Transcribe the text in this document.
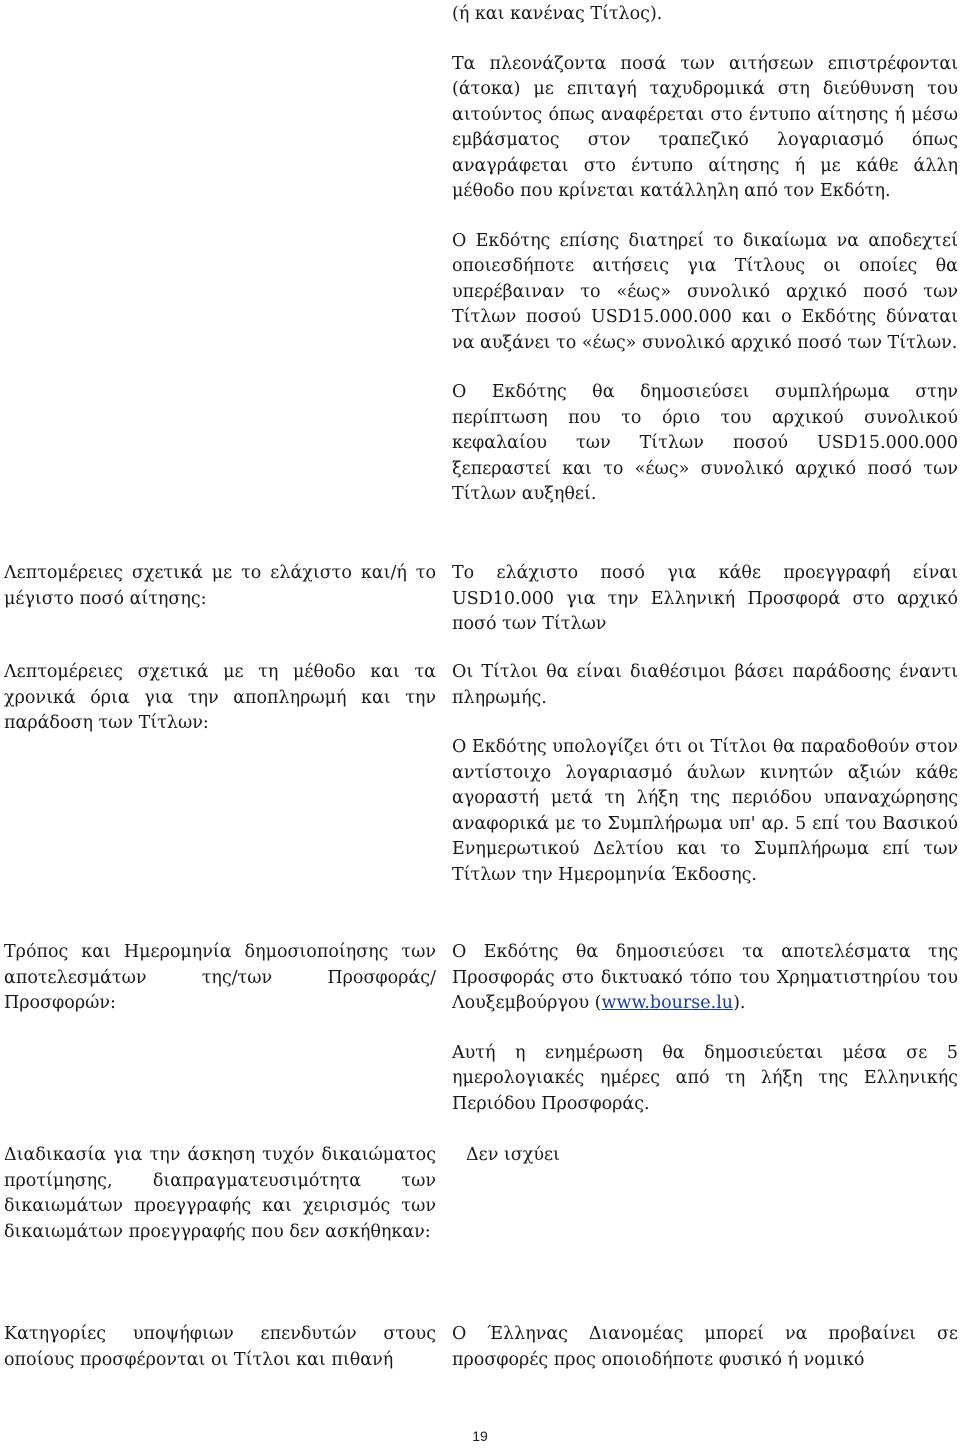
(ή και κανένας Τίτλος).

Τα πλεονάζοντα ποσά των αιτήσεων επιστρέφονται (άτοκα) με επιταγή ταχυδρομικά στη διεύθυνση του αιτούντος όπως αναφέρεται στο έντυπο αίτησης ή μέσω εμβάσματος στον τραπεζικό λογαριασμό όπως αναγράφεται στο έντυπο αίτησης ή με κάθε άλλη μέθοδο που κρίνεται κατάλληλη από τον Εκδότη.

Ο Εκδότης επίσης διατηρεί το δικαίωμα να αποδεχτεί οποιεσδήποτε αιτήσεις για Τίτλους οι οποίες θα υπερέβαιναν το «έως» συνολικό αρχικό ποσό των Τίτλων ποσού USD15.000.000 και ο Εκδότης δύναται να αυξάνει το «έως» συνολικό αρχικό ποσό των Τίτλων.

Ο Εκδότης θα δημοσιεύσει συμπλήρωμα στην περίπτωση που το όριο του αρχικού συνολικού κεφαλαίου των Τίτλων ποσού USD15.000.000 ξεπεραστεί και το «έως» συνολικό αρχικό ποσό των Τίτλων αυξηθεί.

Λεπτομέρειες σχετικά με το ελάχιστο και/ή το μέγιστο ποσό αίτησης:

Το ελάχιστο ποσό για κάθε προεγγραφή είναι USD10.000 για την Ελληνική Προσφορά στο αρχικό ποσό των Τίτλων

Λεπτομέρειες σχετικά με τη μέθοδο και τα χρονικά όρια για την αποπληρωμή και την παράδοση των Τίτλων:

Οι Τίτλοι θα είναι διαθέσιμοι βάσει παράδοσης έναντι πληρωμής.

Ο Εκδότης υπολογίζει ότι οι Τίτλοι θα παραδοθούν στον αντίστοιχο λογαριασμό άυλων κινητών αξιών κάθε αγοραστή μετά τη λήξη της περιόδου υπαναχώρησης αναφορικά με το Συμπλήρωμα υπ' αρ. 5 επί του Βασικού Ενημερωτικού Δελτίου και το Συμπλήρωμα επί των Τίτλων την Ημερομηνία Έκδοσης.

Τρόπος και Ημερομηνία δημοσιοποίησης των αποτελεσμάτων της/των Προσφοράς/Προσφορών:

Ο Εκδότης θα δημοσιεύσει τα αποτελέσματα της Προσφοράς στο δικτυακό τόπο του Χρηματιστηρίου του Λουξεμβούργου (www.bourse.lu).

Αυτή η ενημέρωση θα δημοσιεύεται μέσα σε 5 ημερολογιακές ημέρες από τη λήξη της Ελληνικής Περιόδου Προσφοράς.

Διαδικασία για την άσκηση τυχόν δικαιώματος προτίμησης, διαπραγματευσιμότητα των δικαιωμάτων προεγγραφής και χειρισμός των δικαιωμάτων προεγγραφής που δεν ασκήθηκαν:

Δεν ισχύει

Κατηγορίες υποψήφιων επενδυτών στους οποίους προσφέρονται οι Τίτλοι και πιθανή

Ο Έλληνας Διανομέας μπορεί να προβαίνει σε προσφορές προς οποιοδήποτε φυσικό ή νομικό

19
